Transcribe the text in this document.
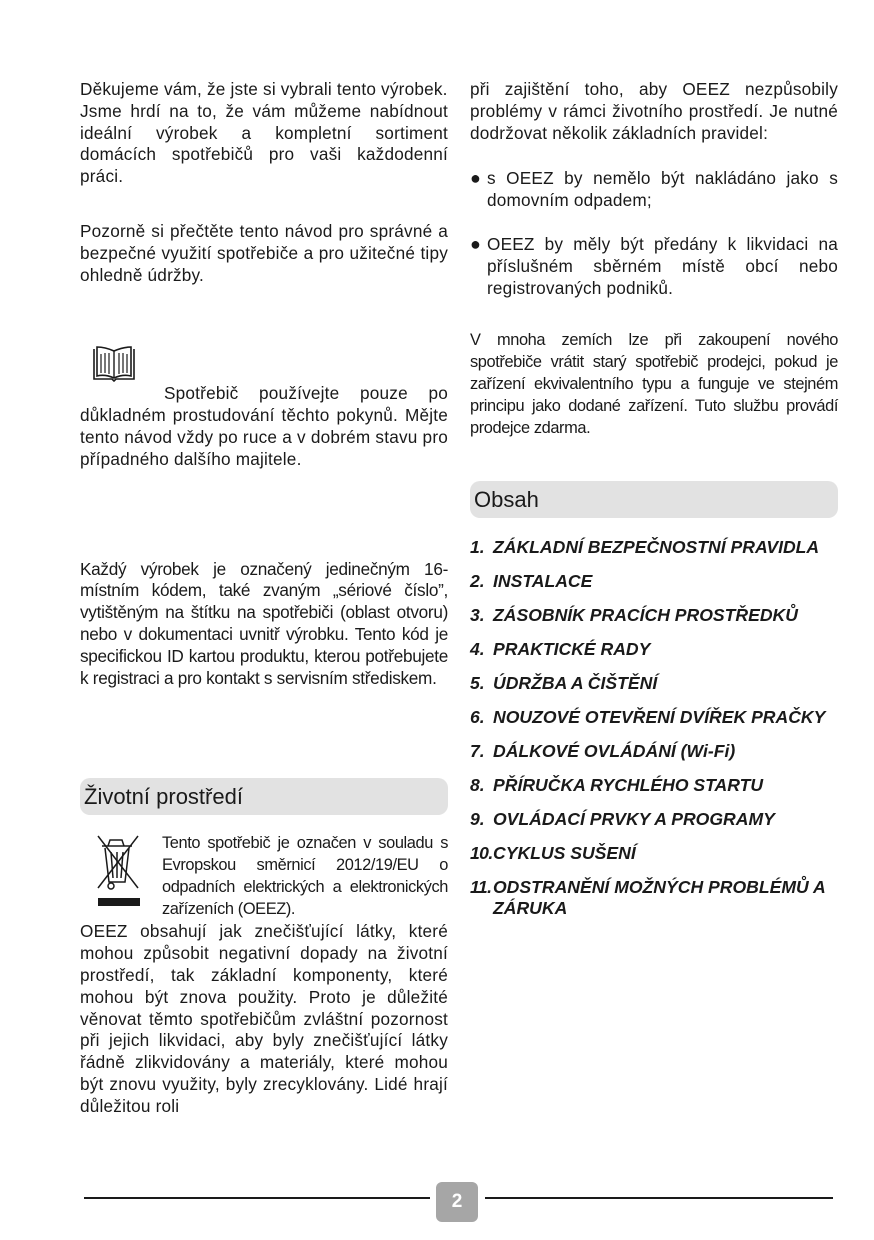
Děkujeme vám, že jste si vybrali tento výrobek.
Jsme hrdí na to, že vám můžeme nabídnout ideální výrobek a kompletní sortiment domácích spotřebičů pro vaši každodenní práci.

Pozorně si přečtěte tento návod pro správné a bezpečné využití spotřebiče a pro užitečné tipy ohledně údržby.

Spotřebič používejte pouze po důkladném prostudování těchto pokynů. Mějte tento návod vždy po ruce a v dobrém stavu pro případného dalšího majitele.

Každý výrobek je označený jedinečným 16-místním kódem, také zvaným „sériové číslo”, vytištěným na štítku na spotřebiči (oblast otvoru) nebo v dokumentaci uvnitř výrobku. Tento kód je specifickou ID kartou produktu, kterou potřebujete k registraci a pro kontakt s servisním střediskem.

Životní prostředí

Tento spotřebič je označen v souladu s Evropskou směrnicí 2012/19/EU o odpadních elektrických a elektronických zařízeních (OEEZ).

OEEZ obsahují jak znečišťující látky, které mohou způsobit negativní dopady na životní prostředí, tak základní komponenty, které mohou být znova použity. Proto je důležité věnovat těmto spotřebičům zvláštní pozornost při jejich likvidaci, aby byly znečišťující látky řádně zlikvidovány a materiály, které mohou být znovu využity, byly zrecyklovány. Lidé hrají důležitou roli

při zajištění toho, aby OEEZ nezpůsobily problémy v rámci životního prostředí. Je nutné dodržovat několik základních pravidel:

● s OEEZ by nemělo být nakládáno jako s domovním odpadem;

● OEEZ by měly být předány k likvidaci na příslušném sběrném místě obcí nebo registrovaných podniků.

V mnoha zemích lze při zakoupení nového spotřebiče vrátit starý spotřebič prodejci, pokud je zařízení ekvivalentního typu a funguje ve stejném principu jako dodané zařízení. Tuto službu provádí prodejce zdarma.

Obsah
1. ZÁKLADNÍ BEZPEČNOSTNÍ PRAVIDLA
2. INSTALACE
3. ZÁSOBNÍK PRACÍCH PROSTŘEDKŮ
4. PRAKTICKÉ RADY
5. ÚDRŽBA A ČIŠTĚNÍ
6. NOUZOVÉ OTEVŘENÍ DVÍŘEK PRAČKY
7. DÁLKOVÉ OVLÁDÁNÍ (Wi-Fi)
8. PŘÍRUČKA RYCHLÉHO STARTU
9. OVLÁDACÍ PRVKY A PROGRAMY
10. CYKLUS SUŠENÍ
11. ODSTRANĚNÍ MOŽNÝCH PROBLÉMŮ A ZÁRUKA
2
